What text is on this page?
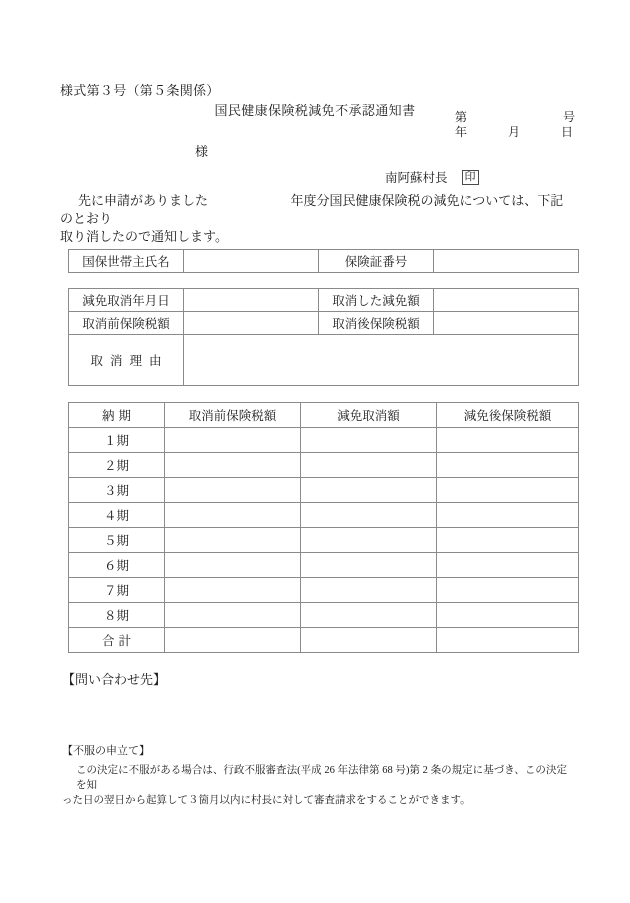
様式第３号（第５条関係）
国民健康保険税減免不承認通知書	第	号
年	月	日
様
南阿蘇村長 印
先に申請がありました	年度分国民健康保険税の減免については、下記のとおり
取り消したので通知します。
国保世帯主氏名		保険証番号	
減免取消年月日		取消した減免額	
取消前保険税額		取消後保険税額	
取消理由			
納期	取消前保険税額	減免取消額	減免後保険税額
１期			
２期			
３期			
４期			
５期			
６期			
７期			
８期			
合計			
【問い合わせ先】
【不服の申立て】
この決定に不服がある場合は、行政不服審査法(平成 26 年法律第 68 号)第 2 条の規定に基づき、この決定を知
った日の翌日から起算して３箇月以内に村長に対して審査請求をすることができます。
